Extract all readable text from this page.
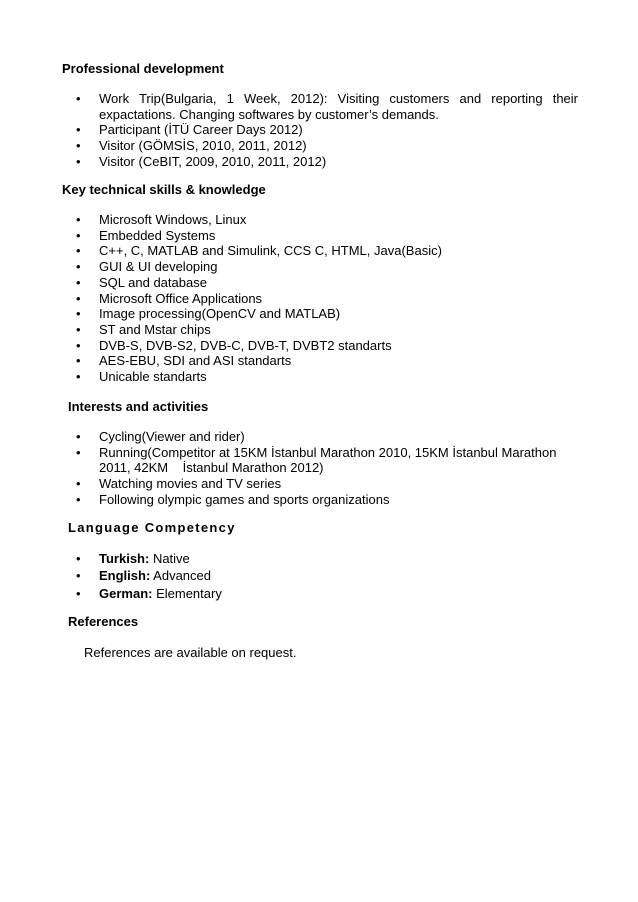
Professional development
• Work Trip(Bulgaria, 1 Week, 2012): Visiting customers and reporting their expactations. Changing softwares by customer’s demands.
• Participant (İTÜ Career Days 2012)
• Visitor (GÖMSİS, 2010, 2011, 2012)
• Visitor (CeBIT, 2009, 2010, 2011, 2012)
Key technical skills & knowledge
• Microsoft Windows, Linux
• Embedded Systems
• C++, C, MATLAB and Simulink, CCS C, HTML, Java(Basic)
• GUI & UI developing
• SQL and database
• Microsoft Office Applications
• Image processing(OpenCV and MATLAB)
• ST and Mstar chips
• DVB-S, DVB-S2, DVB-C, DVB-T, DVBT2 standarts
• AES-EBU, SDI and ASI standarts
• Unicable standarts
Interests and activities
• Cycling(Viewer and rider)
• Running(Competitor at 15KM İstanbul Marathon 2010, 15KM İstanbul Marathon 2011, 42KM    İstanbul Marathon 2012)
• Watching movies and TV series
• Following olympic games and sports organizations
Language Competency
• Turkish: Native
• English: Advanced
• German: Elementary
References
References are available on request.
